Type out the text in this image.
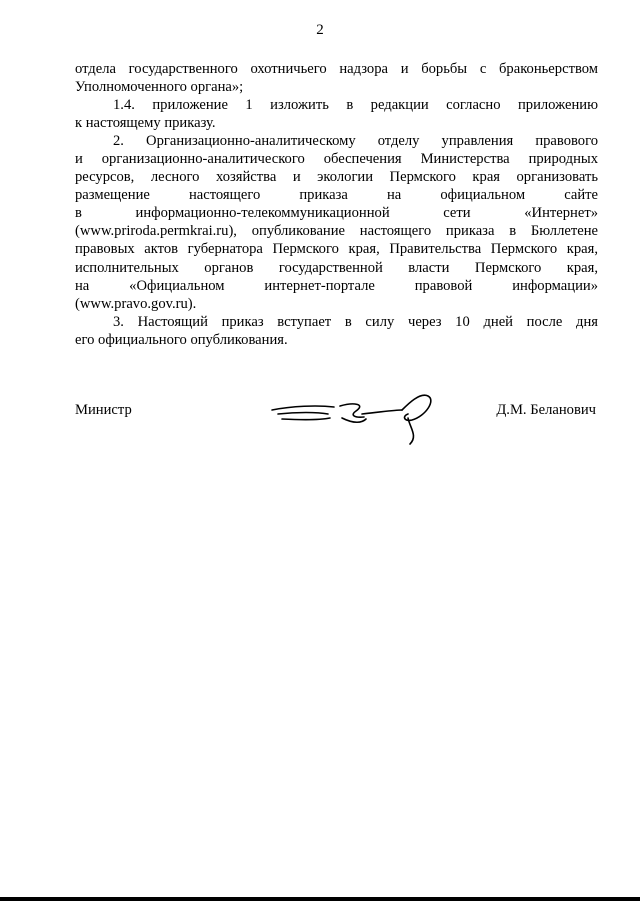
2
отдела государственного охотничьего надзора и борьбы с браконьерством
Уполномоченного органа»;
1.4. приложение 1 изложить в редакции согласно приложению
к настоящему приказу.
2. Организационно-аналитическому отделу управления правового
и организационно-аналитического обеспечения Министерства природных
ресурсов, лесного хозяйства и экологии Пермского края организовать
размещение настоящего приказа на официальном сайте
в информационно-телекоммуникационной сети «Интернет»
(www.priroda.permkrai.ru), опубликование настоящего приказа в Бюллетене
правовых актов губернатора Пермского края, Правительства Пермского края,
исполнительных органов государственной власти Пермского края,
на «Официальном интернет-портале правовой информации»
(www.pravo.gov.ru).
3. Настоящий приказ вступает в силу через 10 дней после дня
его официального опубликования.
Министр	Д.М. Беланович
